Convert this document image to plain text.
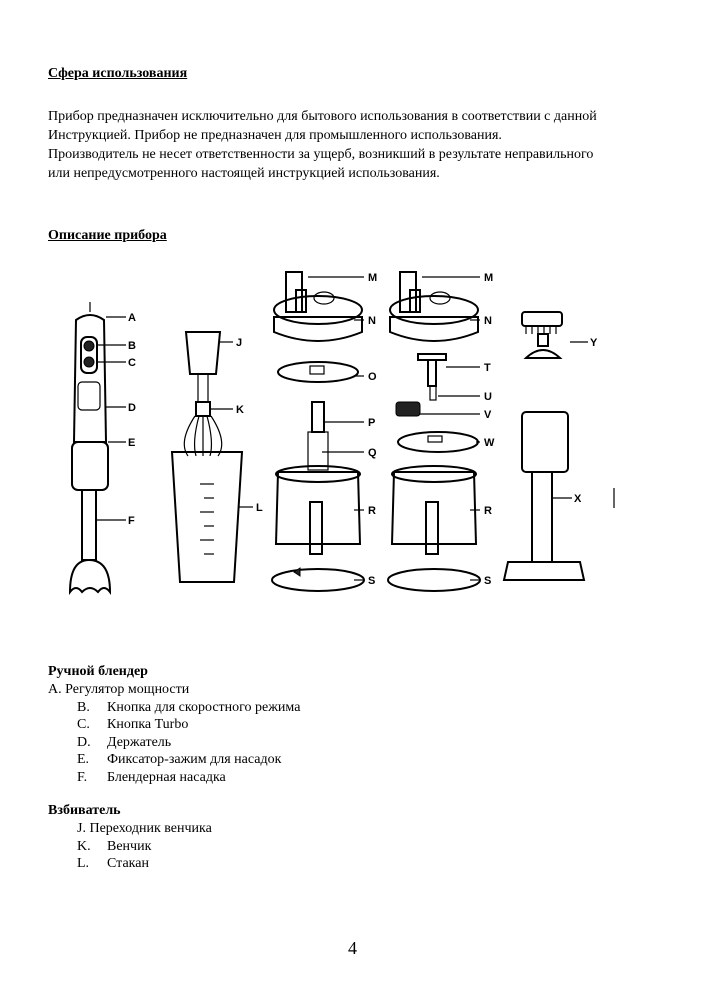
Сфера использования

Прибор предназначен исключительно для бытового использования в соответствии с данной

Инструкцией. Прибор не предназначен для промышленного использования.

Производитель не несет ответственности за ущерб, возникший в результате неправильного

или непредусмотренного настоящей инструкцией использования.

Описание прибора
A
B
C
D
E
F
J
K
L
M
N
O
P
Q
R
S
M
N
T
U
V
W
R
S
Y
X
Ручной блендер
A. Регулятор мощности
B. Кнопка для скоростного режима
C. Кнопка Turbo
D. Держатель
E. Фиксатор-зажим для насадок
F. Блендерная насадка
Взбиватель
J. Переходник венчика
K. Венчик
L. Стакан
4
